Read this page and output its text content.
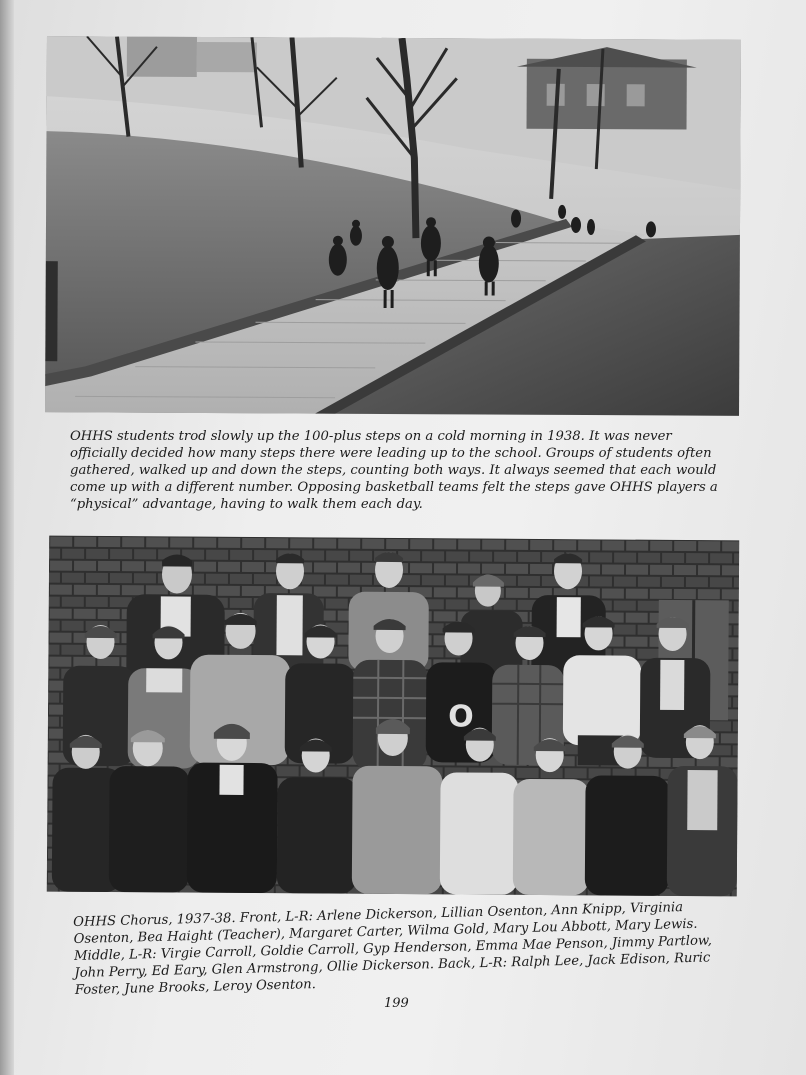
OHHS students trod slowly up the 100-plus steps on a cold morning in 1938. It was never officially decided how many steps there were leading up to the school. Groups of students often gathered, walked up and down the steps, counting both ways. It always seemed that each would come up with a different number. Opposing basketball teams felt the steps gave OHHS players a “physical” advantage, having to walk them each day.

O

OHHS Chorus, 1937-38. Front, L-R: Arlene Dickerson, Lillian Osenton, Ann Knipp, Virginia Osenton, Bea Haight (Teacher), Margaret Carter, Wilma Gold, Mary Lou Abbott, Mary Lewis. Middle, L-R: Virgie Carroll, Goldie Carroll, Gyp Henderson, Emma Mae Penson, Jimmy Partlow, John Perry, Ed Eary, Glen Armstrong, Ollie Dickerson. Back, L-R: Ralph Lee, Jack Edison, Ruric Foster, June Brooks, Leroy Osenton.

199
